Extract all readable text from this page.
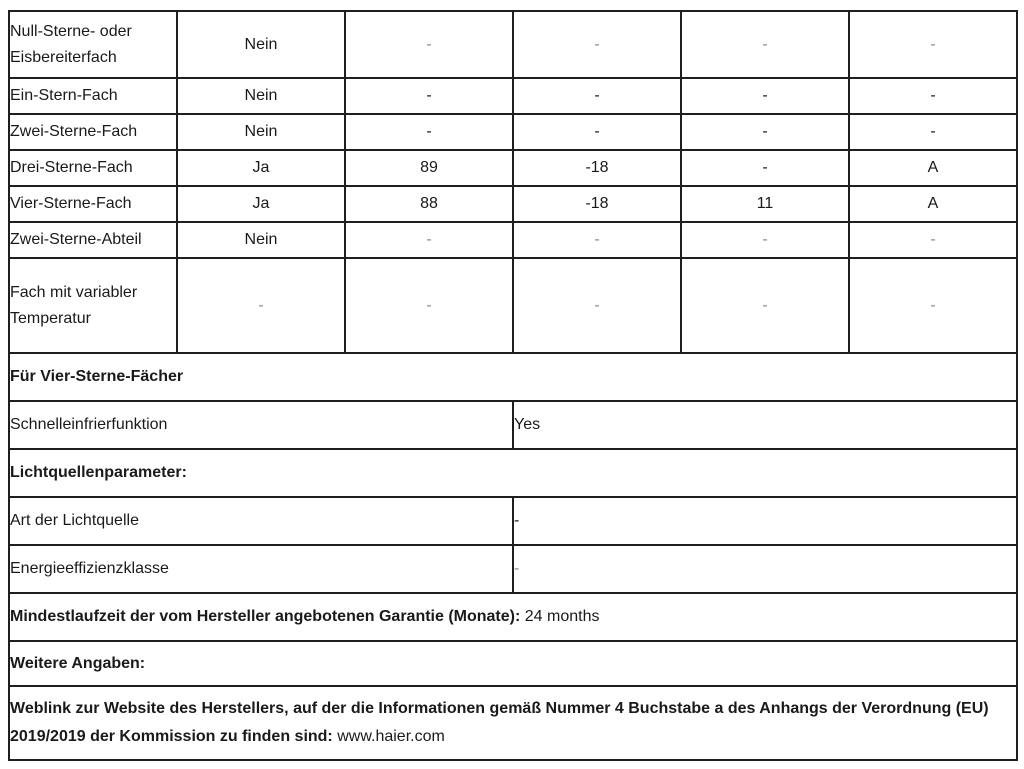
Null-Sterne- oder Eisbereiterfach	Nein	-	-	-	-
Ein-Stern-Fach	Nein	-	-	-	-
Zwei-Sterne-Fach	Nein	-	-	-	-
Drei-Sterne-Fach	Ja	89	-18	-	A
Vier-Sterne-Fach	Ja	88	-18	11	A
Zwei-Sterne-Abteil	Nein	-	-	-	-
Fach mit variabler Temperatur	-	-	-	-	-
Für Vier-Sterne-Fächer	
Schnelleinfrierfunktion	Yes
Lichtquellenparameter:	
Art der Lichtquelle	-
Energieeffizienzklasse	-
Mindestlaufzeit der vom Hersteller angebotenen Garantie (Monate): 24 months	
Weitere Angaben:	
Weblink zur Website des Herstellers, auf der die Informationen gemäß Nummer 4 Buchstabe a des Anhangs der Verordnung (EU) 2019/2019 der Kommission zu finden sind: www.haier.com	
